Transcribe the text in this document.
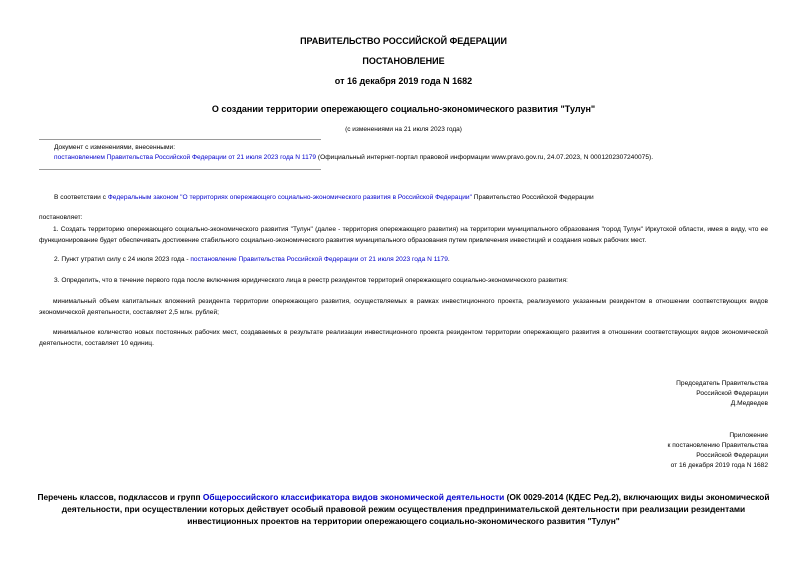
ПРАВИТЕЛЬСТВО РОССИЙСКОЙ ФЕДЕРАЦИИ
ПОСТАНОВЛЕНИЕ
от 16 декабря 2019 года N 1682
О создании территории опережающего социально-экономического развития "Тулун"
(с изменениями на 21 июля 2023 года)
Документ с изменениями, внесенными:
постановлением Правительства Российской Федерации от 21 июля 2023 года N 1179 (Официальный интернет-портал правовой информации www.pravo.gov.ru, 24.07.2023, N 0001202307240075).
В соответствии с Федеральным законом "О территориях опережающего социально-экономического развития в Российской Федерации" Правительство Российской Федерации
постановляет:
1. Создать территорию опережающего социально-экономического развития "Тулун" (далее - территория опережающего развития) на территории муниципального образования "город Тулун" Иркутской области, имея в виду, что ее функционирование будет обеспечивать достижение стабильного социально-экономического развития муниципального образования путем привлечения инвестиций и создания новых рабочих мест.
2. Пункт утратил силу с 24 июля 2023 года - постановление Правительства Российской Федерации от 21 июля 2023 года N 1179.
3. Определить, что в течение первого года после включения юридического лица в реестр резидентов территорий опережающего социально-экономического развития:
минимальный объем капитальных вложений резидента территории опережающего развития, осуществляемых в рамках инвестиционного проекта, реализуемого указанным резидентом в отношении соответствующих видов экономической деятельности, составляет 2,5 млн. рублей;
минимальное количество новых постоянных рабочих мест, создаваемых в результате реализации инвестиционного проекта резидентом территории опережающего развития в отношении соответствующих видов экономической деятельности, составляет 10 единиц.
Председатель Правительства
Российской Федерации
Д.Медведев
Приложение
к постановлению Правительства
Российской Федерации
от 16 декабря 2019 года N 1682
Перечень классов, подклассов и групп Общероссийского классификатора видов экономической деятельности (ОК 0029-2014 (КДЕС Ред.2), включающих виды экономической деятельности, при осуществлении которых действует особый правовой режим осуществления предпринимательской деятельности при реализации резидентами инвестиционных проектов на территории опережающего социально-экономического развития "Тулун"
